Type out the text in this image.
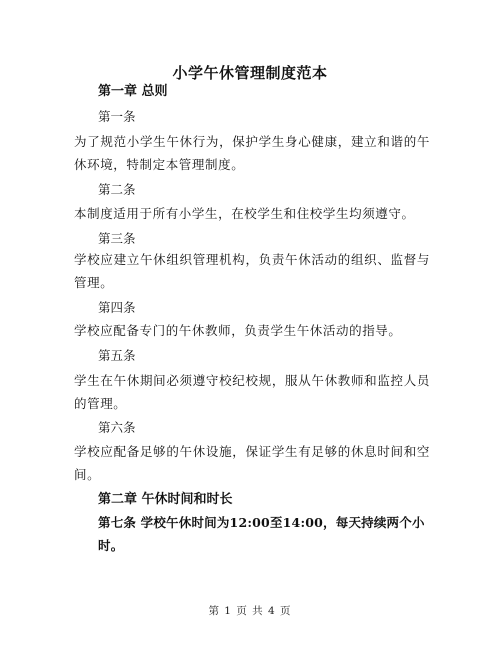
小学午休管理制度范本
第一章 总则
第一条
为了规范小学生午休行为，保护学生身心健康，建立和谐的午休环境，特制定本管理制度。
第二条
本制度适用于所有小学生，在校学生和住校学生均须遵守。
第三条
学校应建立午休组织管理机构，负责午休活动的组织、监督与管理。
第四条
学校应配备专门的午休教师，负责学生午休活动的指导。
第五条
学生在午休期间必须遵守校纪校规，服从午休教师和监控人员的管理。
第六条
学校应配备足够的午休设施，保证学生有足够的休息时间和空间。
第二章 午休时间和时长
第七条 学校午休时间为12:00至14:00，每天持续两个小时。
第 1 页 共 4 页
